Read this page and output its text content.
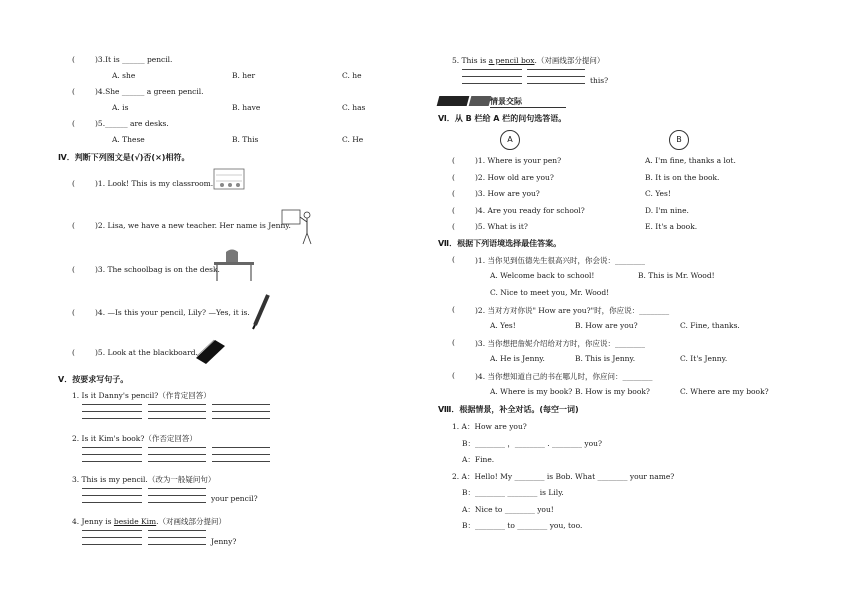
(	)3.It is ______ pencil.
A. she	B. her	C. he
(	)4.She ______ a green pencil.
A. is	B. have	C. has
(	)5.______ are desks.
A. These	B. This	C. He
Ⅳ．判断下列图文是(√)否(×)相符。
(	)1. Look! This is my classroom.
(	)2. Lisa, we have a new teacher. Her name is Jenny.
(	)3. The schoolbag is on the desk.
(	)4. —Is this your pencil, Lily? —Yes, it is.
(	)5. Look at the blackboard.
Ⅴ．按要求写句子。
1. Is it Danny's pencil?（作肯定回答）
2. Is it Kim's book?（作否定回答）
3. This is my pencil.（改为一般疑问句）
your pencil?
4. Jenny is beside Kim.（对画线部分提问）
Jenny?
5. This is a pencil box.（对画线部分提问）
this?
情景交际
Ⅵ．从 B 栏给 A 栏的问句选答语。
A	B
(	)1. Where is your pen?	A. I'm fine, thanks a lot.
(	)2. How old are you?	B. It is on the book.
(	)3. How are you?	C. Yes!
(	)4. Are you ready for school?	D. I'm nine.
(	)5. What is it?	E. It's a book.
Ⅶ．根据下列语境选择最佳答案。
(	)1. 当你见到伍德先生很高兴时，你会说：________
A. Welcome back to school!	B. This is Mr. Wood!
C. Nice to meet you, Mr. Wood!
(	)2. 当对方对你说" How are you?"时，你应说：________
A. Yes!	B. How are you?	C. Fine, thanks.
(	)3. 当你想把詹妮介绍给对方时，你应说：________
A. He is Jenny.	B. This is Jenny.	C. It's Jenny.
(	)4. 当你想知道自己的书在哪儿时，你应问：________
A. Where is my book? B. How is my book?	C. Where are my book?
Ⅷ．根据情景，补全对话。(每空一词)
1. A：How are you?
B：________ ，________ . ________ you?
A：Fine.
2. A：Hello! My ________ is Bob. What ________ your name?
B：________ ________ is Lily.
A：Nice to ________ you!
B：________ to ________ you, too.
